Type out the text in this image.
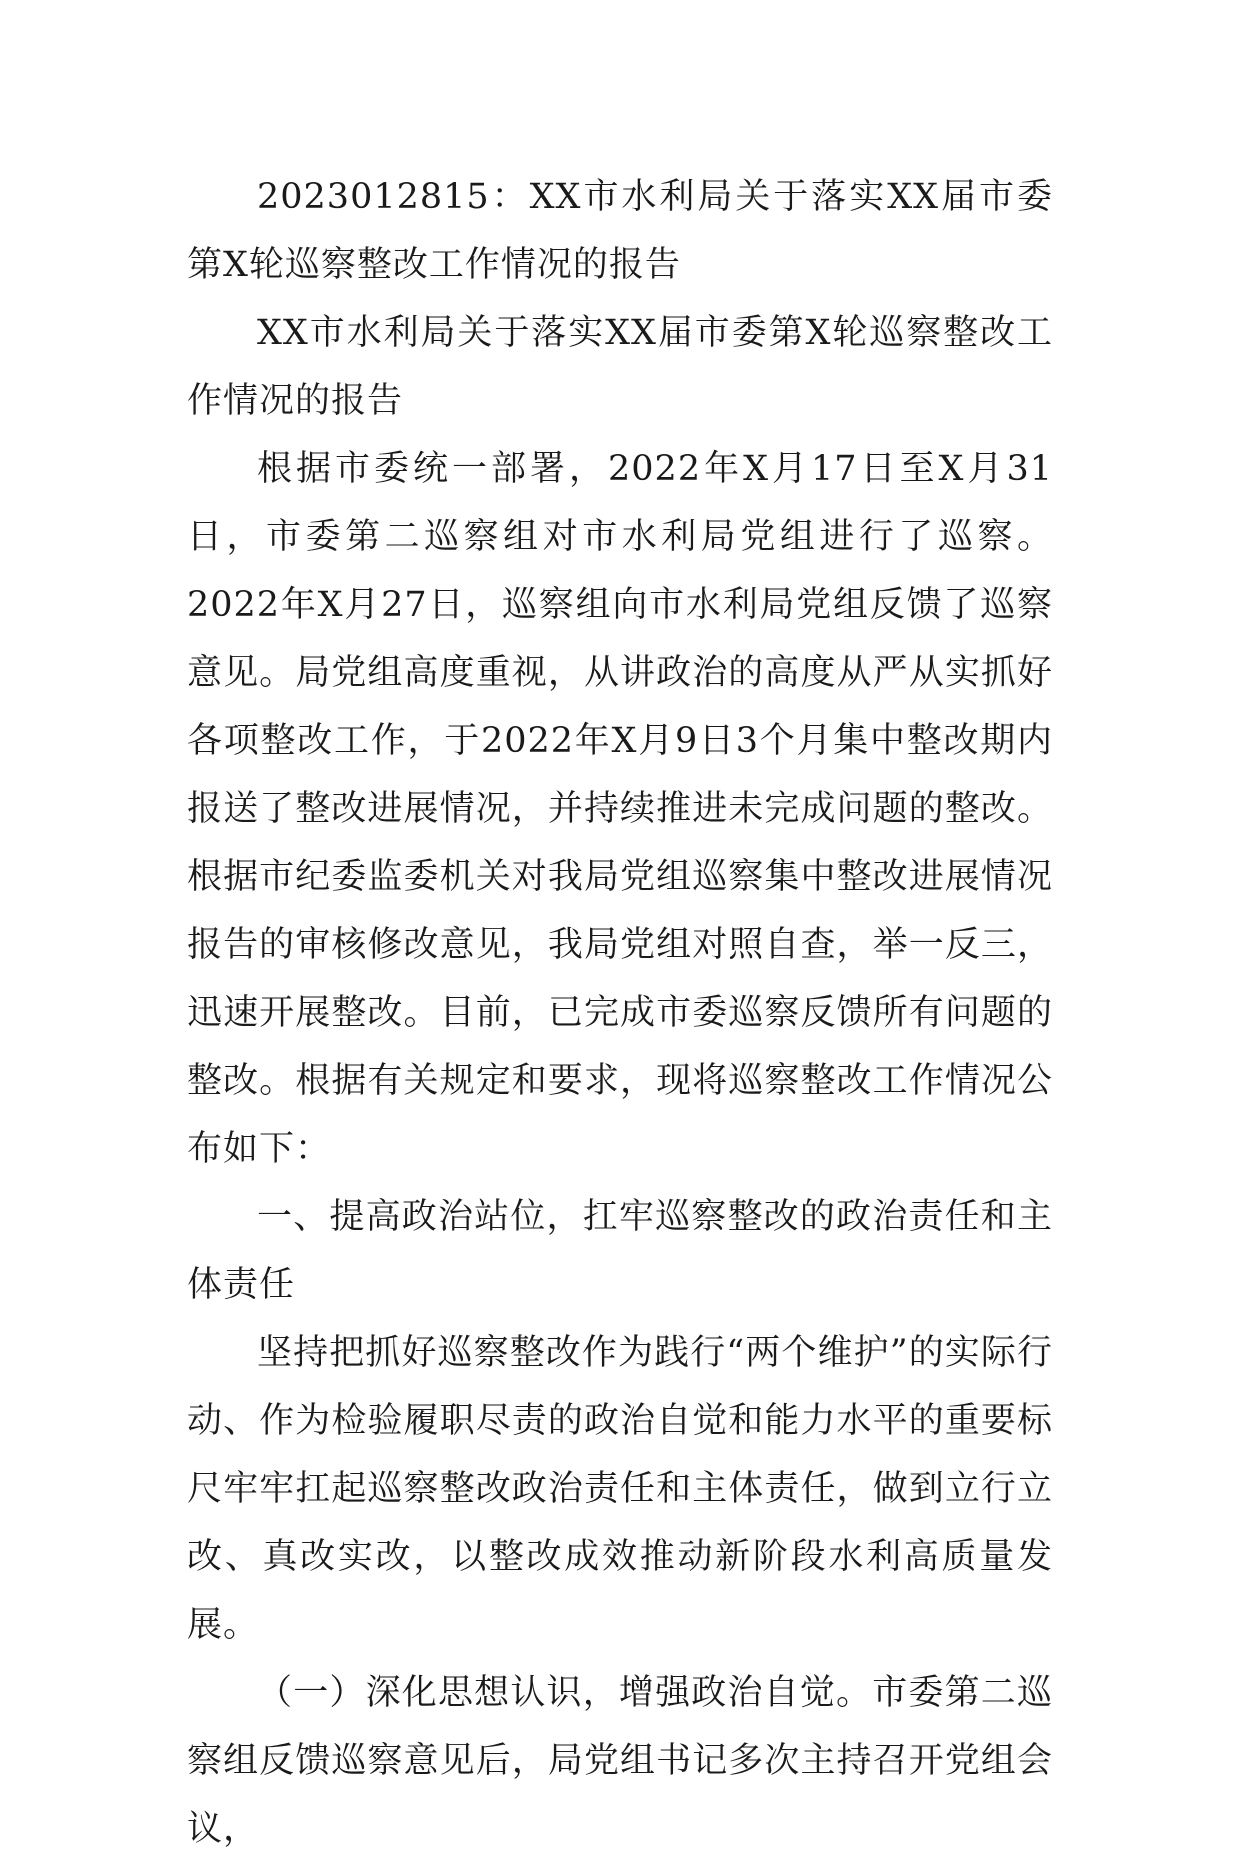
2023012815：XX市水利局关于落实XX届市委第X轮巡察整改工作情况的报告

XX市水利局关于落实XX届市委第X轮巡察整改工作情况的报告

根据市委统一部署，2022年X月17日至X月31日，市委第二巡察组对市水利局党组进行了巡察。2022年X月27日，巡察组向市水利局党组反馈了巡察意见。局党组高度重视，从讲政治的高度从严从实抓好各项整改工作，于2022年X月9日3个月集中整改期内报送了整改进展情况，并持续推进未完成问题的整改。根据市纪委监委机关对我局党组巡察集中整改进展情况报告的审核修改意见，我局党组对照自查，举一反三，迅速开展整改。目前，已完成市委巡察反馈所有问题的整改。根据有关规定和要求，现将巡察整改工作情况公布如下：

一、提高政治站位，扛牢巡察整改的政治责任和主体责任

坚持把抓好巡察整改作为践行“两个维护”的实际行动、作为检验履职尽责的政治自觉和能力水平的重要标尺牢牢扛起巡察整改政治责任和主体责任，做到立行立改、真改实改，以整改成效推动新阶段水利高质量发展。

（一）深化思想认识，增强政治自觉。市委第二巡察组反馈巡察意见后，局党组书记多次主持召开党组会议，
